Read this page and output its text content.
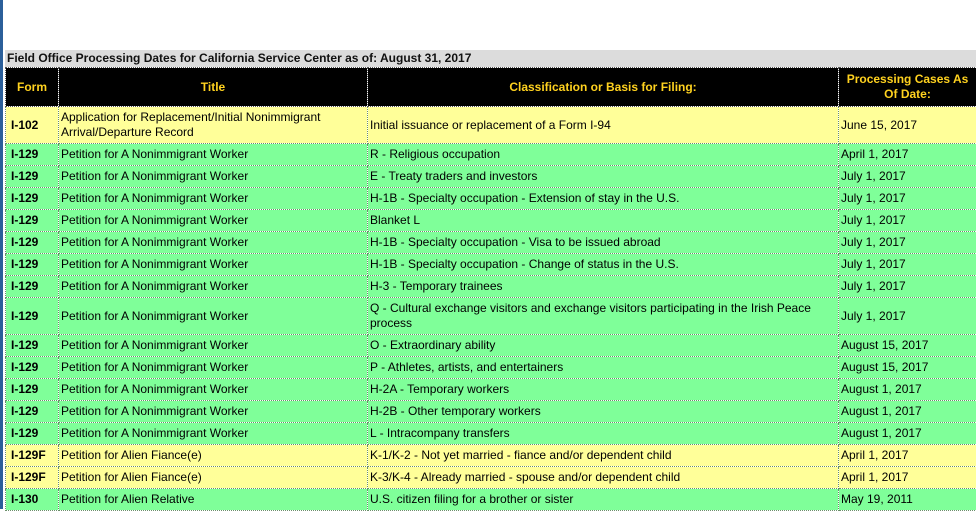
Field Office Processing Dates for California Service Center as of: August 31, 2017
Form	Title	Classification or Basis for Filing:	Processing Cases As Of Date:
I-102	Application for Replacement/Initial Nonimmigrant Arrival/Departure Record	Initial issuance or replacement of a Form I-94	June 15, 2017
I-129	Petition for A Nonimmigrant Worker	R - Religious occupation	April 1, 2017
I-129	Petition for A Nonimmigrant Worker	E - Treaty traders and investors	July 1, 2017
I-129	Petition for A Nonimmigrant Worker	H-1B - Specialty occupation - Extension of stay in the U.S.	July 1, 2017
I-129	Petition for A Nonimmigrant Worker	Blanket L	July 1, 2017
I-129	Petition for A Nonimmigrant Worker	H-1B - Specialty occupation - Visa to be issued abroad	July 1, 2017
I-129	Petition for A Nonimmigrant Worker	H-1B - Specialty occupation - Change of status in the U.S.	July 1, 2017
I-129	Petition for A Nonimmigrant Worker	H-3 - Temporary trainees	July 1, 2017
I-129	Petition for A Nonimmigrant Worker	Q - Cultural exchange visitors and exchange visitors participating in the Irish Peace process	July 1, 2017
I-129	Petition for A Nonimmigrant Worker	O - Extraordinary ability	August 15, 2017
I-129	Petition for A Nonimmigrant Worker	P - Athletes, artists, and entertainers	August 15, 2017
I-129	Petition for A Nonimmigrant Worker	H-2A - Temporary workers	August 1, 2017
I-129	Petition for A Nonimmigrant Worker	H-2B - Other temporary workers	August 1, 2017
I-129	Petition for A Nonimmigrant Worker	L - Intracompany transfers	August 1, 2017
I-129F	Petition for Alien Fiance(e)	K-1/K-2 - Not yet married - fiance and/or dependent child	April 1, 2017
I-129F	Petition for Alien Fiance(e)	K-3/K-4 - Already married - spouse and/or dependent child	April 1, 2017
I-130	Petition for Alien Relative	U.S. citizen filing for a brother or sister	May 19, 2011
